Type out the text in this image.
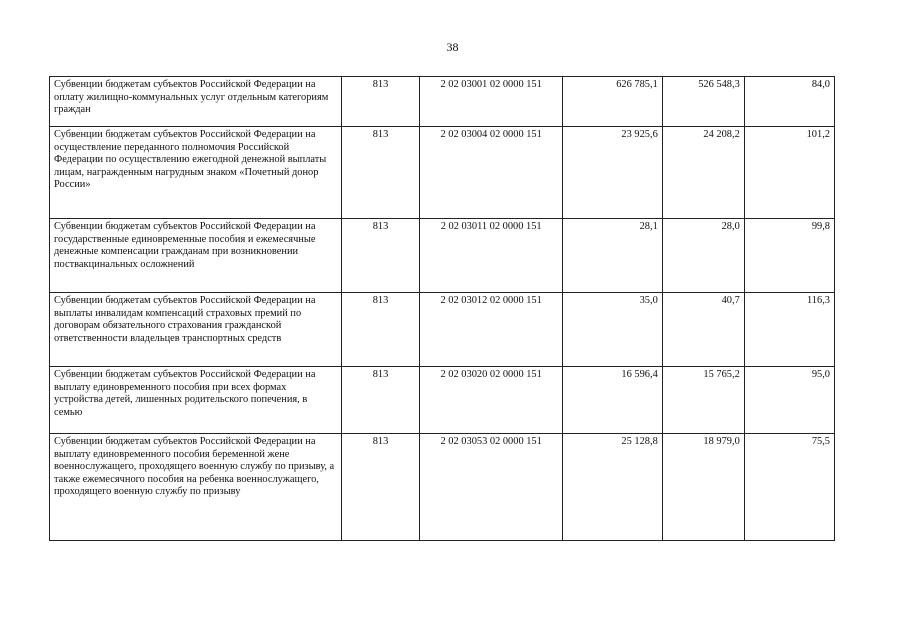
38
Субвенции бюджетам субъектов Российской Федерации на оплату жилищно-коммунальных услуг отдельным категориям граждан	813	2 02 03001 02 0000 151	626 785,1	526 548,3	84,0
Субвенции бюджетам субъектов Российской Федерации на осуществление переданного полномочия Российской Федерации по осуществлению ежегодной денежной выплаты лицам, награжденным нагрудным знаком «Почетный донор России»	813	2 02 03004 02 0000 151	23 925,6	24 208,2	101,2
Субвенции бюджетам субъектов Российской Федерации на государственные единовременные пособия и ежемесячные денежные компенсации гражданам при возникновении поствакцинальных осложнений	813	2 02 03011 02 0000 151	28,1	28,0	99,8
Субвенции бюджетам субъектов Российской Федерации на выплаты инвалидам компенсаций страховых премий по договорам обязательного страхования гражданской ответственности владельцев транспортных средств	813	2 02 03012 02 0000 151	35,0	40,7	116,3
Субвенции бюджетам субъектов Российской Федерации на выплату единовременного пособия при всех формах устройства детей, лишенных родительского попечения, в семью	813	2 02 03020 02 0000 151	16 596,4	15 765,2	95,0
Субвенции бюджетам субъектов Российской Федерации на выплату единовременного пособия беременной жене военнослужащего, проходящего военную службу по призыву, а также ежемесячного пособия на ребенка военнослужащего, проходящего военную службу по призыву	813	2 02 03053 02 0000 151	25 128,8	18 979,0	75,5
